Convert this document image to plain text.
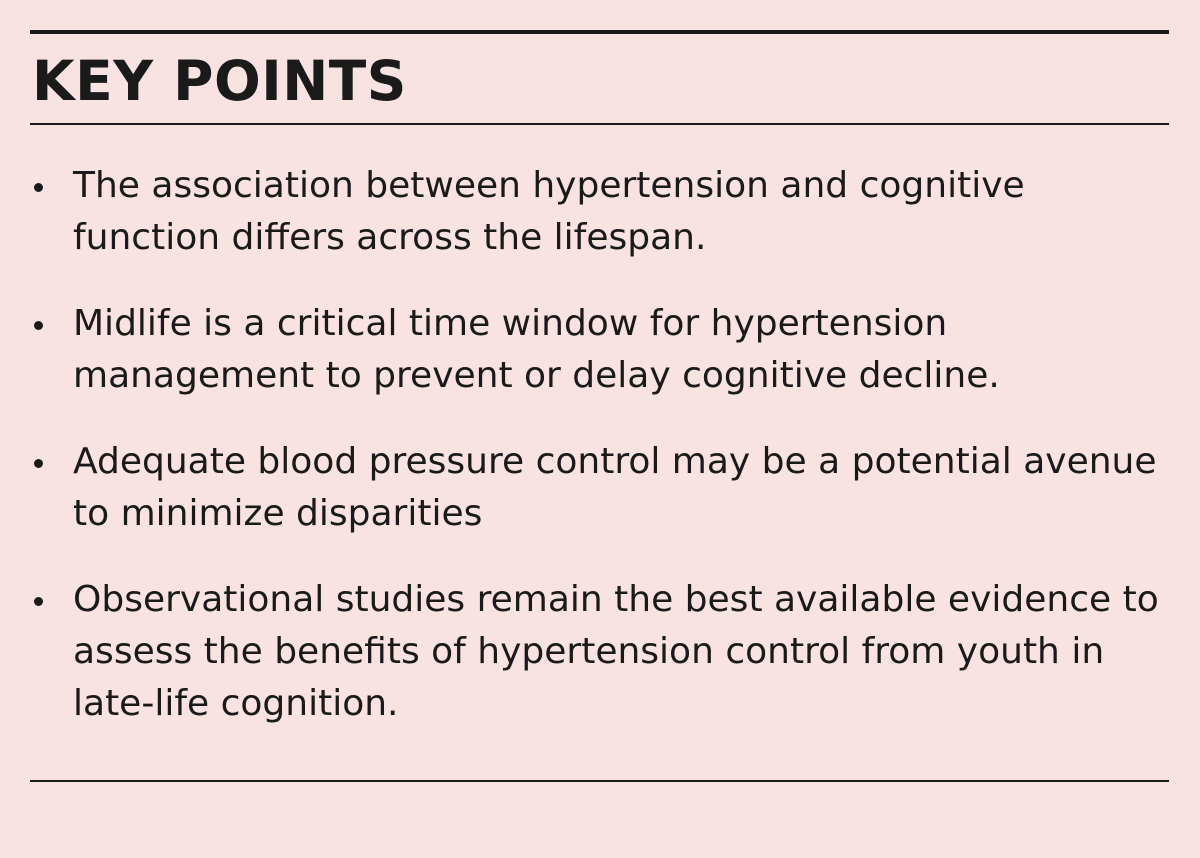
KEY POINTS
The association between hypertension and cognitive function differs across the lifespan.
Midlife is a critical time window for hypertension management to prevent or delay cognitive decline.
Adequate blood pressure control may be a potential avenue to minimize disparities
Observational studies remain the best available evidence to assess the benefits of hypertension control from youth in late-life cognition.
